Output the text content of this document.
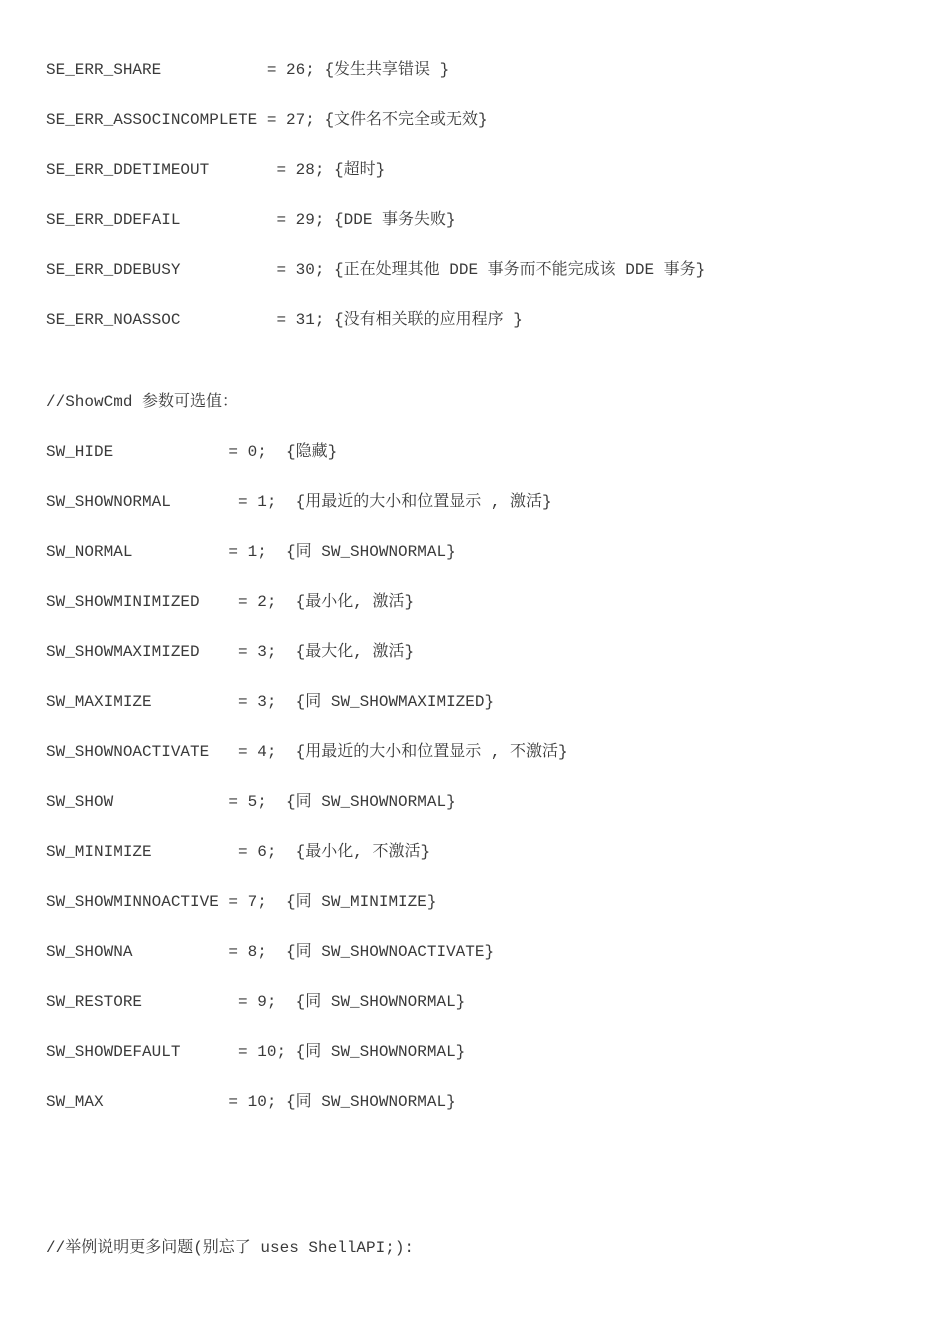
SE_ERR_SHARE           = 26; {发生共享错误 }
SE_ERR_ASSOCINCOMPLETE = 27; {文件名不完全或无效}
SE_ERR_DDETIMEOUT       = 28; {超时}
SE_ERR_DDEFAIL          = 29; {DDE 事务失败}
SE_ERR_DDEBUSY          = 30; {正在处理其他 DDE 事务而不能完成该 DDE 事务}
SE_ERR_NOASSOC          = 31; {没有相关联的应用程序 }
//ShowCmd 参数可选值：
SW_HIDE            = 0;  {隐藏}
SW_SHOWNORMAL       = 1;  {用最近的大小和位置显示 , 激活}
SW_NORMAL          = 1;  {同 SW_SHOWNORMAL}
SW_SHOWMINIMIZED    = 2;  {最小化, 激活}
SW_SHOWMAXIMIZED    = 3;  {最大化, 激活}
SW_MAXIMIZE         = 3;  {同 SW_SHOWMAXIMIZED}
SW_SHOWNOACTIVATE   = 4;  {用最近的大小和位置显示 , 不激活}
SW_SHOW            = 5;  {同 SW_SHOWNORMAL}
SW_MINIMIZE         = 6;  {最小化, 不激活}
SW_SHOWMINNOACTIVE = 7;  {同 SW_MINIMIZE}
SW_SHOWNA          = 8;  {同 SW_SHOWNOACTIVATE}
SW_RESTORE          = 9;  {同 SW_SHOWNORMAL}
SW_SHOWDEFAULT      = 10; {同 SW_SHOWNORMAL}
SW_MAX             = 10; {同 SW_SHOWNORMAL}
//举例说明更多问题(别忘了 uses ShellAPI;):
